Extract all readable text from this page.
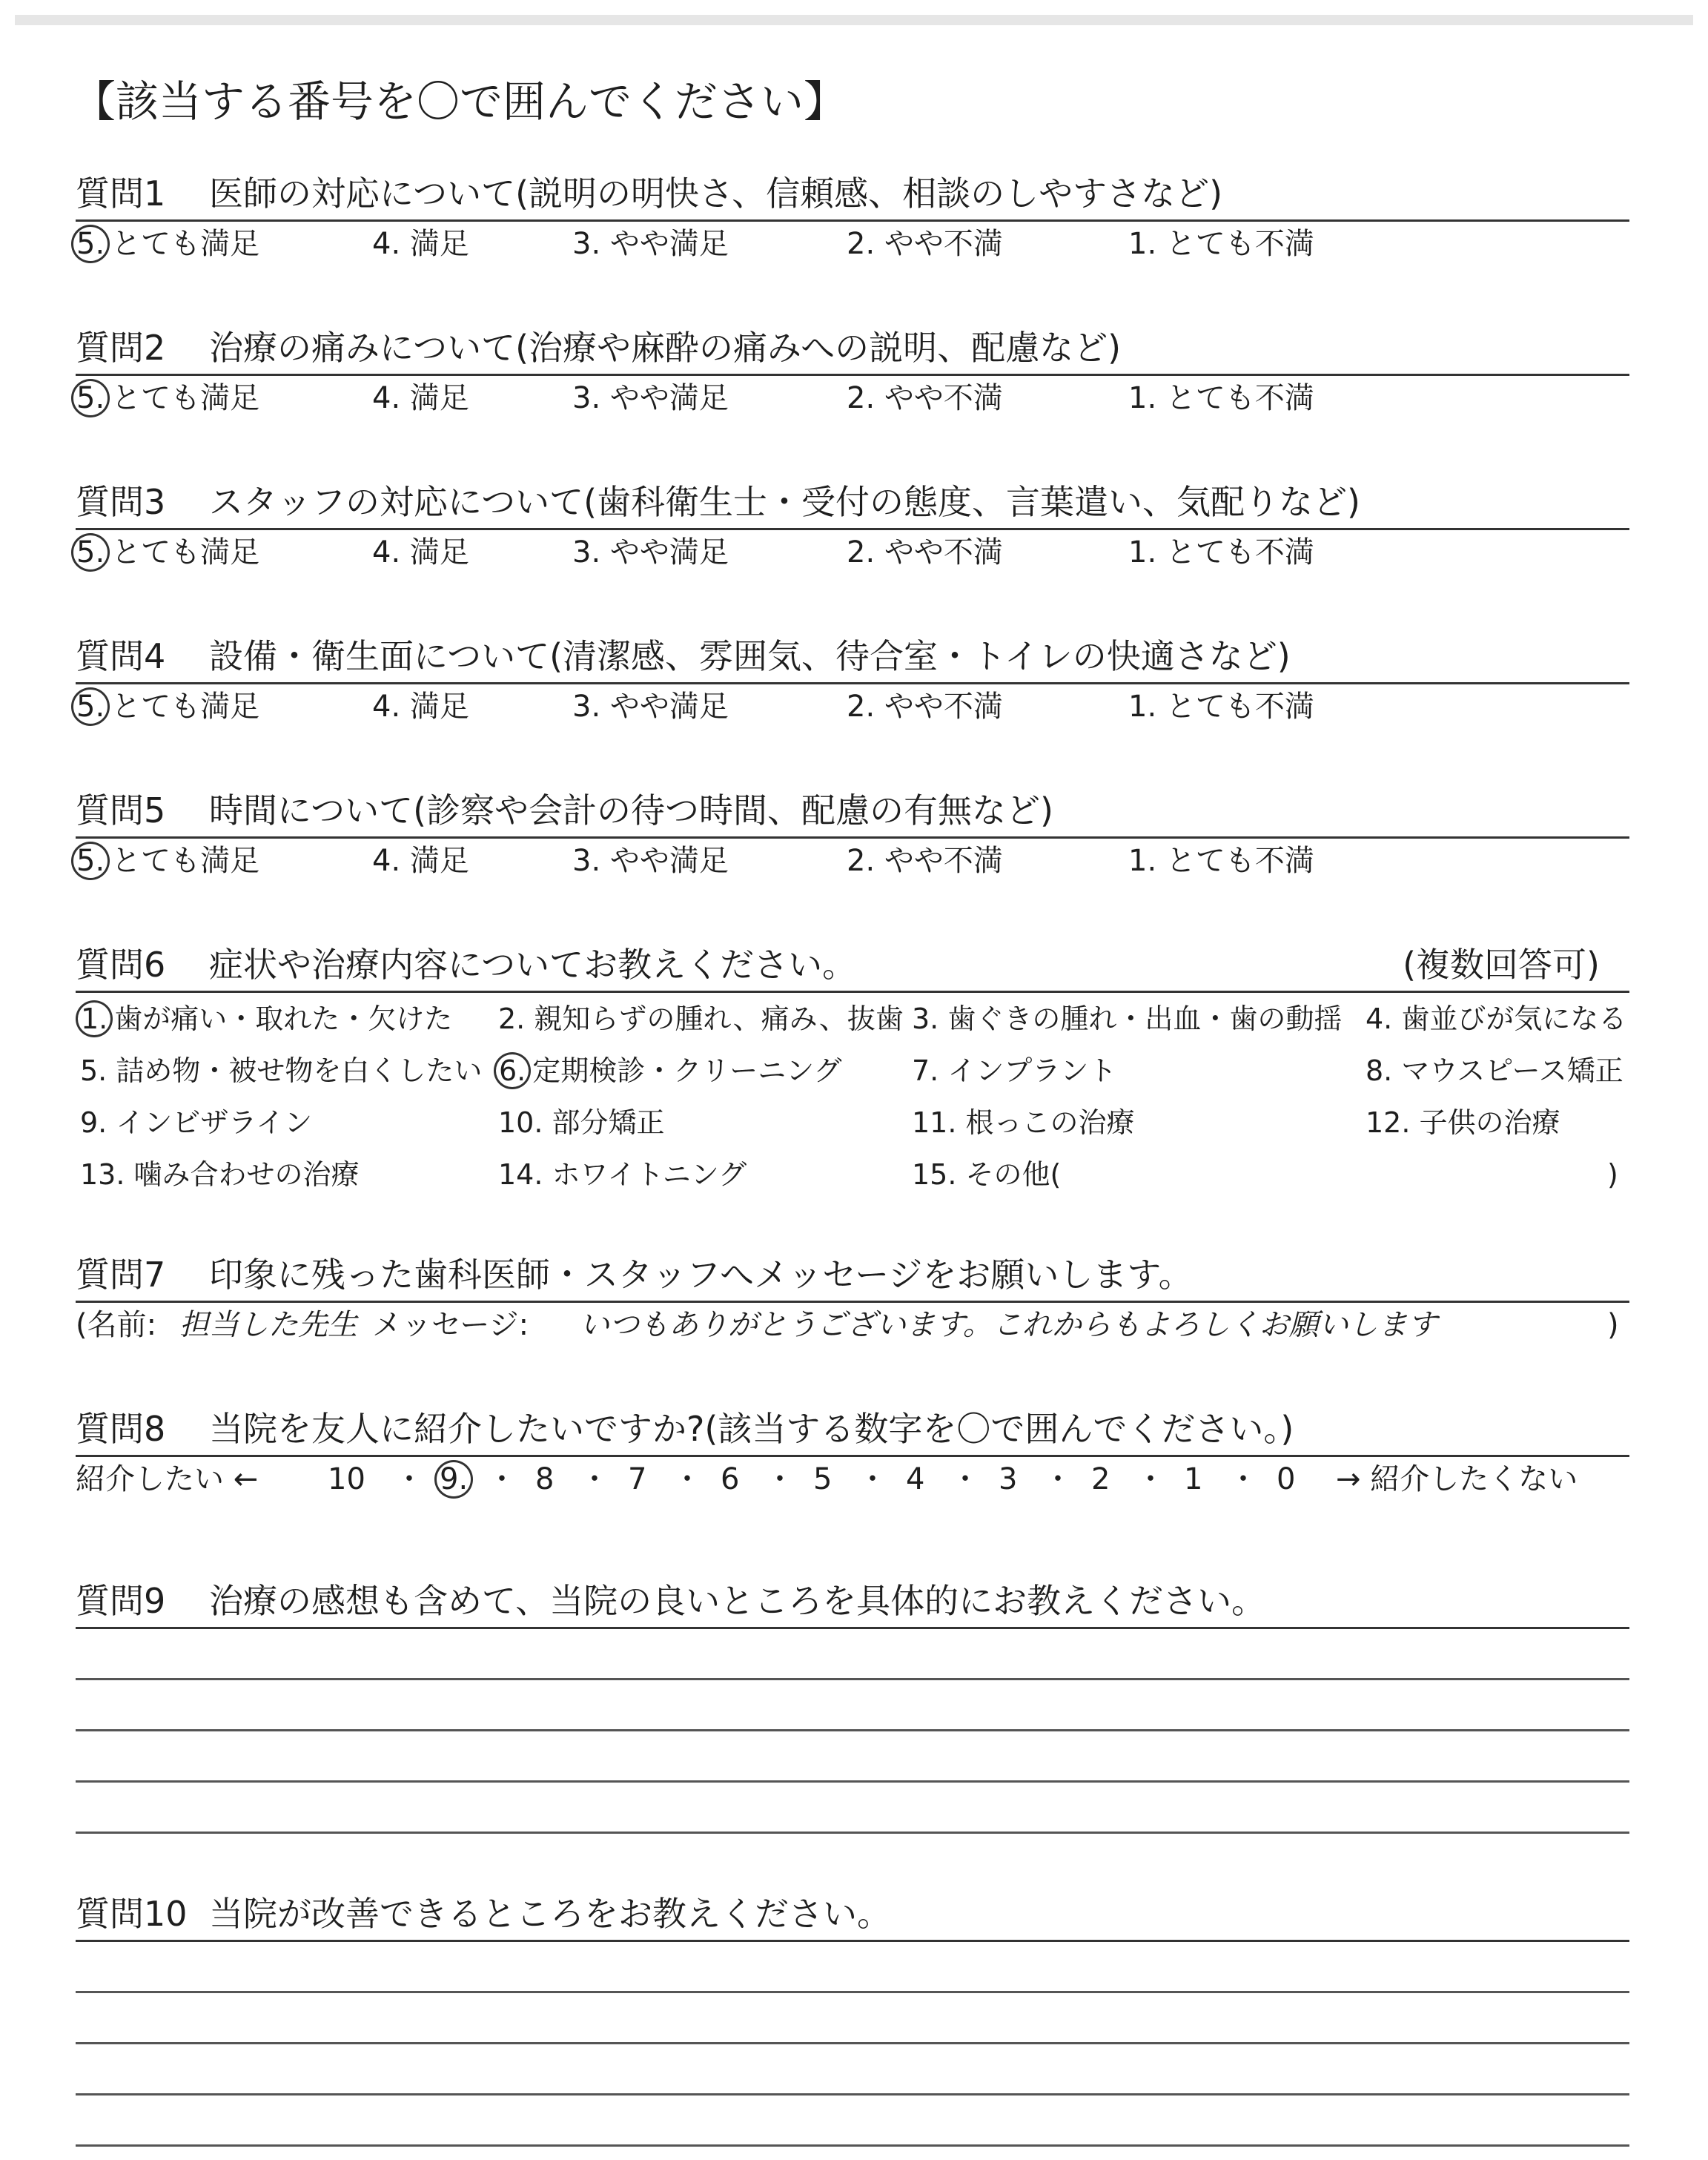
【該当する番号を〇で囲んでください】
質問1 医師の対応について(説明の明快さ、信頼感、相談のしやすさなど)
5. とても満足	4. 満足	3. やや満足	2. やや不満	1. とても不満
質問2 治療の痛みについて(治療や麻酔の痛みへの説明、配慮など)
5. とても満足	4. 満足	3. やや満足	2. やや不満	1. とても不満
質問3 スタッフの対応について(歯科衛生士・受付の態度、言葉遣い、気配りなど)
5. とても満足	4. 満足	3. やや満足	2. やや不満	1. とても不満
質問4 設備・衛生面について(清潔感、雰囲気、待合室・トイレの快適さなど)
5. とても満足	4. 満足	3. やや満足	2. やや不満	1. とても不満
質問5 時間について(診察や会計の待つ時間、配慮の有無など)
5. とても満足	4. 満足	3. やや満足	2. やや不満	1. とても不満
質問6 症状や治療内容についてお教えください。	(複数回答可)
1. 歯が痛い・取れた・欠けた 2. 親知らずの腫れ、痛み、抜歯 3. 歯ぐきの腫れ・出血・歯の動揺 4. 歯並びが気になる
5. 詰め物・被せ物を白くしたい 6. 定期検診・クリーニング 7. インプラント	8. マウスピース矯正
9. インビザライン	10. 部分矯正	11. 根っこの治療	12. 子供の治療
13. 噛み合わせの治療	14. ホワイトニング	15. その他(	)
質問7 印象に残った歯科医師・スタッフへメッセージをお願いします。
(名前: 担当した先生 メッセージ: いつもありがとうございます。これからもよろしくお願いします	)
質問8 当院を友人に紹介したいですか?(該当する数字を〇で囲んでください。)
紹介したい ← 10 ・ 9. ・ 8 ・ 7 ・ 6 ・ 5 ・ 4 ・ 3 ・ 2 ・ 1 ・ 0 → 紹介したくない
質問9 治療の感想も含めて、当院の良いところを具体的にお教えください。
質問10 当院が改善できるところをお教えください。
